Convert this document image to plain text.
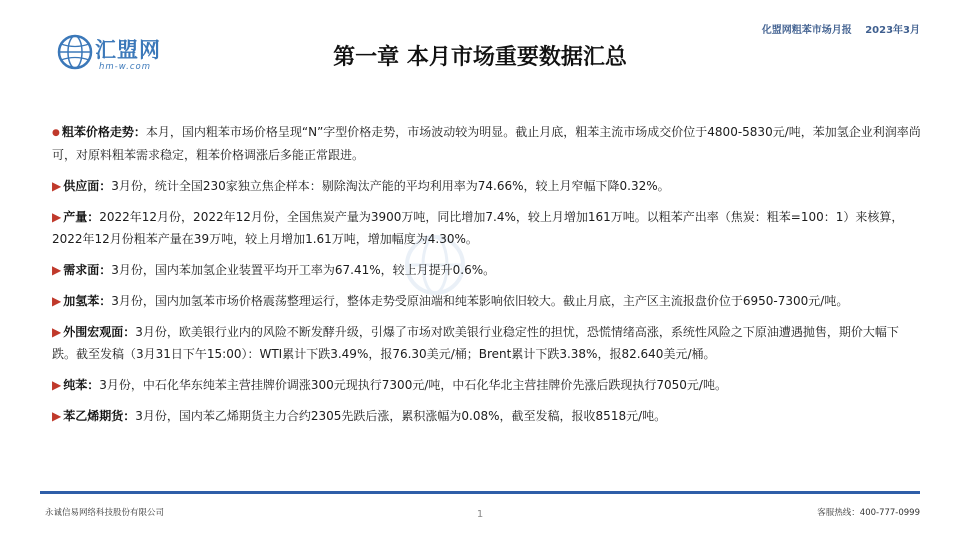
化盟网粗苯市场月报 2023年3月
汇盟网
hm-w.com	第一章 本月市场重要数据汇总

● 粗苯价格走势：本月，国内粗苯市场价格呈现“N”字型价格走势，市场波动较为明显。截止月底，粗苯主流市场成交价位于4800-5830元/吨，苯加氢企业利润率尚可，对原料粗苯需求稳定，粗苯价格调涨后多能正常跟进。

▶ 供应面：3月份，统计全国230家独立焦企样本：剔除淘汰产能的平均利用率为74.66%，较上月窄幅下降0.32%。

▶ 产量：2022年12月份，2022年12月份，全国焦炭产量为3900万吨，同比增加7.4%，较上月增加161万吨。以粗苯产出率（焦炭：粗苯=100：1）来核算，2022年12月份粗苯产量在39万吨，较上月增加1.61万吨，增加幅度为4.30%。

▶ 需求面：3月份，国内苯加氢企业装置平均开工率为67.41%，较上月提升0.6%。

▶ 加氢苯：3月份，国内加氢苯市场价格震荡整理运行，整体走势受原油端和纯苯影响依旧较大。截止月底，主产区主流报盘价位于6950-7300元/吨。

▶ 外围宏观面：3月份，欧美银行业内的风险不断发酵升级，引爆了市场对欧美银行业稳定性的担忧，恐慌情绪高涨，系统性风险之下原油遭遇抛售，期价大幅下跌。截至发稿（3月31日下午15:00）：WTI累计下跌3.49%，报76.30美元/桶；Brent累计下跌3.38%，报82.640美元/桶。

▶ 纯苯：3月份，中石化华东纯苯主营挂牌价调涨300元现执行7300元/吨，中石化华北主营挂牌价先涨后跌现执行7050元/吨。

▶ 苯乙烯期货：3月份，国内苯乙烯期货主力合约2305先跌后涨，累积涨幅为0.08%，截至发稿，报收8518元/吨。

永诚信易网络科技股份有限公司	1	客服热线：400-777-0999
